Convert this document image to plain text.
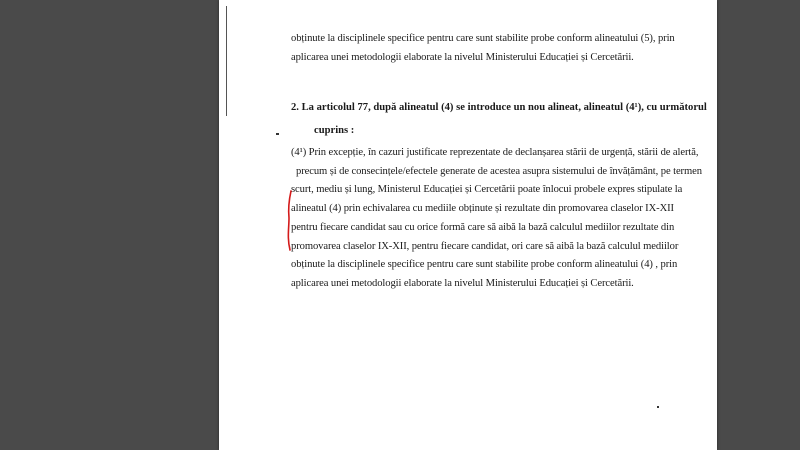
obținute la disciplinele specifice pentru care sunt stabilite probe conform alineatului (5), prin
aplicarea unei metodologii elaborate la nivelul Ministerului Educației și Cercetării.
2. La articolul 77, după alineatul (4) se introduce un nou alineat, alineatul (4¹), cu următorul
cuprins :
(4¹) Prin excepție, în cazuri justificate reprezentate de declanșarea stării de urgență, stării de alertă,
precum și de consecințele/efectele generate de acestea asupra sistemului de învățământ, pe termen
scurt, mediu și lung, Ministerul Educației și Cercetării poate înlocui probele expres stipulate la
alineatul (4) prin echivalarea cu mediile obținute și rezultate din promovarea claselor IX-XII
pentru fiecare candidat sau cu orice formă care să aibă la bază calculul mediilor rezultate din
promovarea claselor IX-XII, pentru fiecare candidat, ori care să aibă la bază calculul mediilor
obținute la disciplinele specifice pentru care sunt stabilite probe conform alineatului (4) , prin
aplicarea unei metodologii elaborate la nivelul Ministerului Educației și Cercetării.
